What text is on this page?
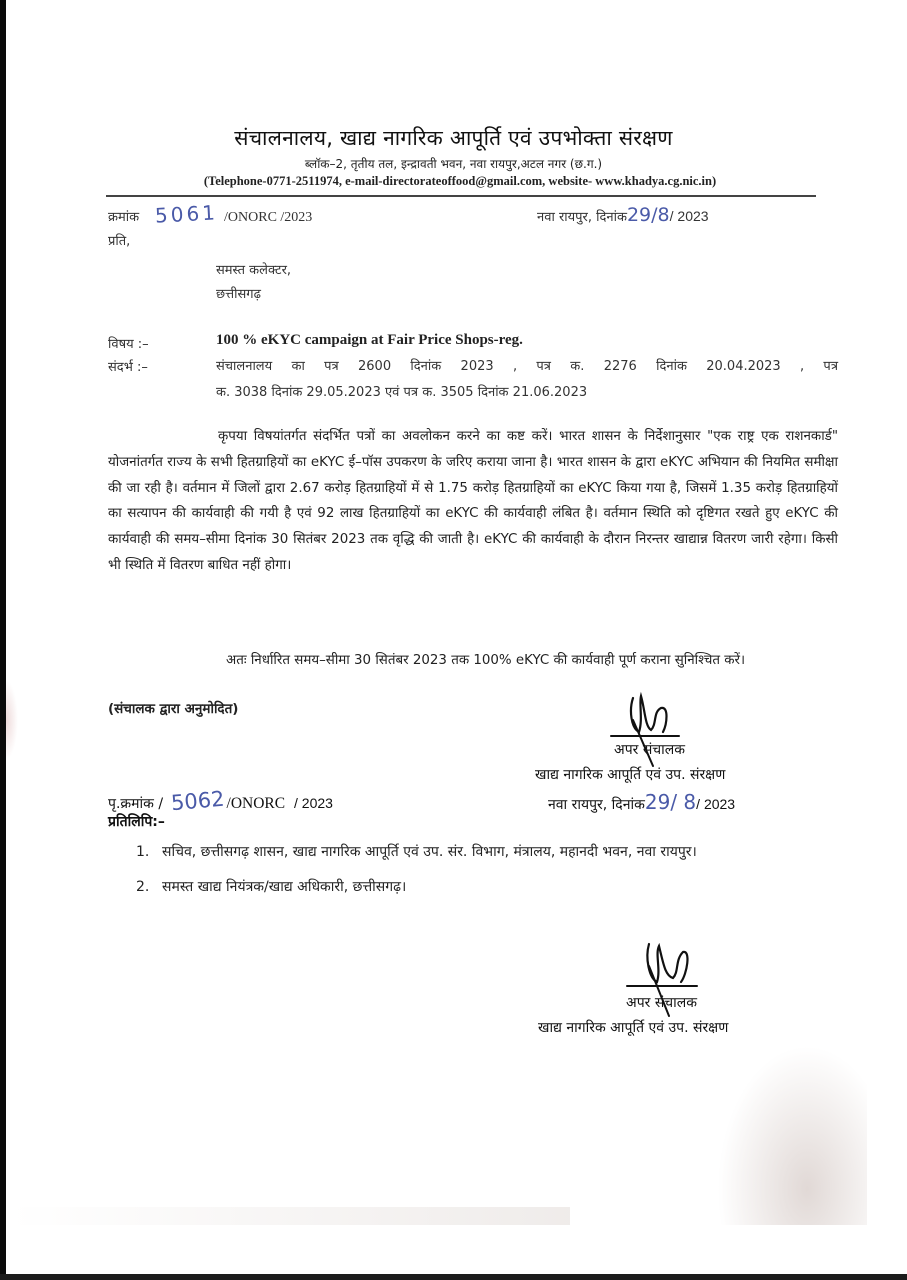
संचालनालय, खाद्य नागरिक आपूर्ति एवं उपभोक्ता संरक्षण
ब्लॉक–2, तृतीय तल, इन्द्रावती भवन, नवा रायपुर,अटल नगर (छ.ग.)
(Telephone-0771-2511974, e-mail-directorateoffood@gmail.com, website- www.khadya.cg.nic.in)
क्रमांक 5061 /ONORC /2023	नवा रायपुर, दिनांक29/8/ 2023
प्रति,
समस्त कलेक्टर,
छत्तीसगढ़
विषय :–	100 % eKYC campaign at Fair Price Shops-reg.
संदर्भ :–	संचालनालय का पत्र 2600 दिनांक 2023 , पत्र क. 2276 दिनांक 20.04.2023 , पत्र
क. 3038 दिनांक 29.05.2023 एवं पत्र क. 3505 दिनांक 21.06.2023
कृपया विषयांतर्गत संदर्भित पत्रों का अवलोकन करने का कष्ट करें। भारत शासन के निर्देशानुसार "एक राष्ट्र एक राशनकार्ड" योजनांतर्गत राज्य के सभी हितग्राहियों का eKYC ई–पॉस उपकरण के जरिए कराया जाना है। भारत शासन के द्वारा eKYC अभियान की नियमित समीक्षा की जा रही है। वर्तमान में जिलों द्वारा 2.67 करोड़ हितग्राहियों में से 1.75 करोड़ हितग्राहियों का eKYC किया गया है, जिसमें 1.35 करोड़ हितग्राहियों का सत्यापन की कार्यवाही की गयी है एवं 92 लाख हितग्राहियों का eKYC की कार्यवाही लंबित है। वर्तमान स्थिति को दृष्टिगत रखते हुए eKYC की कार्यवाही की समय–सीमा दिनांक 30 सितंबर 2023 तक वृद्धि की जाती है। eKYC की कार्यवाही के दौरान निरन्तर खाद्यान्न वितरण जारी रहेगा। किसी भी स्थिति में वितरण बाधित नहीं होगा।
अतः निर्धारित समय–सीमा 30 सितंबर 2023 तक 100% eKYC की कार्यवाही पूर्ण कराना सुनिश्चित करें।
(संचालक द्वारा अनुमोदित)
अपर संचालक
खाद्य नागरिक आपूर्ति एवं उप. संरक्षण
नवा रायपुर, दिनांक29/ 8/ 2023
पृ.क्रमांक / 5062/ONORC / 2023
प्रतिलिपि:–
1. सचिव, छत्तीसगढ़ शासन, खाद्य नागरिक आपूर्ति एवं उप. संर. विभाग, मंत्रालय, महानदी भवन, नवा रायपुर।
2. समस्त खाद्य नियंत्रक/खाद्य अधिकारी, छत्तीसगढ़।
अपर संचालक
खाद्य नागरिक आपूर्ति एवं उप. संरक्षण
